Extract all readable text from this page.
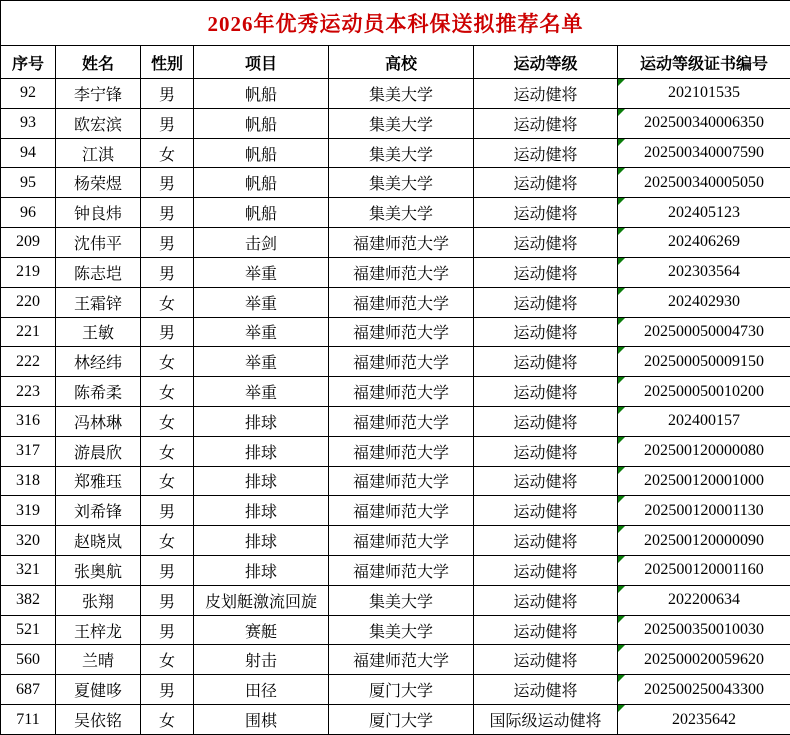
2026年优秀运动员本科保送拟推荐名单						
序号	姓名	性别	项目	高校	运动等级	运动等级证书编号
92	李宁锋	男	帆船	集美大学	运动健将	202101535
93	欧宏滨	男	帆船	集美大学	运动健将	202500340006350
94	江淇	女	帆船	集美大学	运动健将	202500340007590
95	杨荣煜	男	帆船	集美大学	运动健将	202500340005050
96	钟良炜	男	帆船	集美大学	运动健将	202405123
209	沈伟平	男	击剑	福建师范大学	运动健将	202406269
219	陈志垲	男	举重	福建师范大学	运动健将	202303564
220	王霜锌	女	举重	福建师范大学	运动健将	202402930
221	王敏	男	举重	福建师范大学	运动健将	202500050004730
222	林经纬	女	举重	福建师范大学	运动健将	202500050009150
223	陈希柔	女	举重	福建师范大学	运动健将	202500050010200
316	冯林琳	女	排球	福建师范大学	运动健将	202400157
317	游晨欣	女	排球	福建师范大学	运动健将	202500120000080
318	郑雅珏	女	排球	福建师范大学	运动健将	202500120001000
319	刘希锋	男	排球	福建师范大学	运动健将	202500120001130
320	赵晓岚	女	排球	福建师范大学	运动健将	202500120000090
321	张奥航	男	排球	福建师范大学	运动健将	202500120001160
382	张翔	男	皮划艇激流回旋	集美大学	运动健将	202200634
521	王梓龙	男	赛艇	集美大学	运动健将	202500350010030
560	兰晴	女	射击	福建师范大学	运动健将	202500020059620
687	夏健哆	男	田径	厦门大学	运动健将	202500250043300
711	吴依铭	女	围棋	厦门大学	国际级运动健将	20235642
